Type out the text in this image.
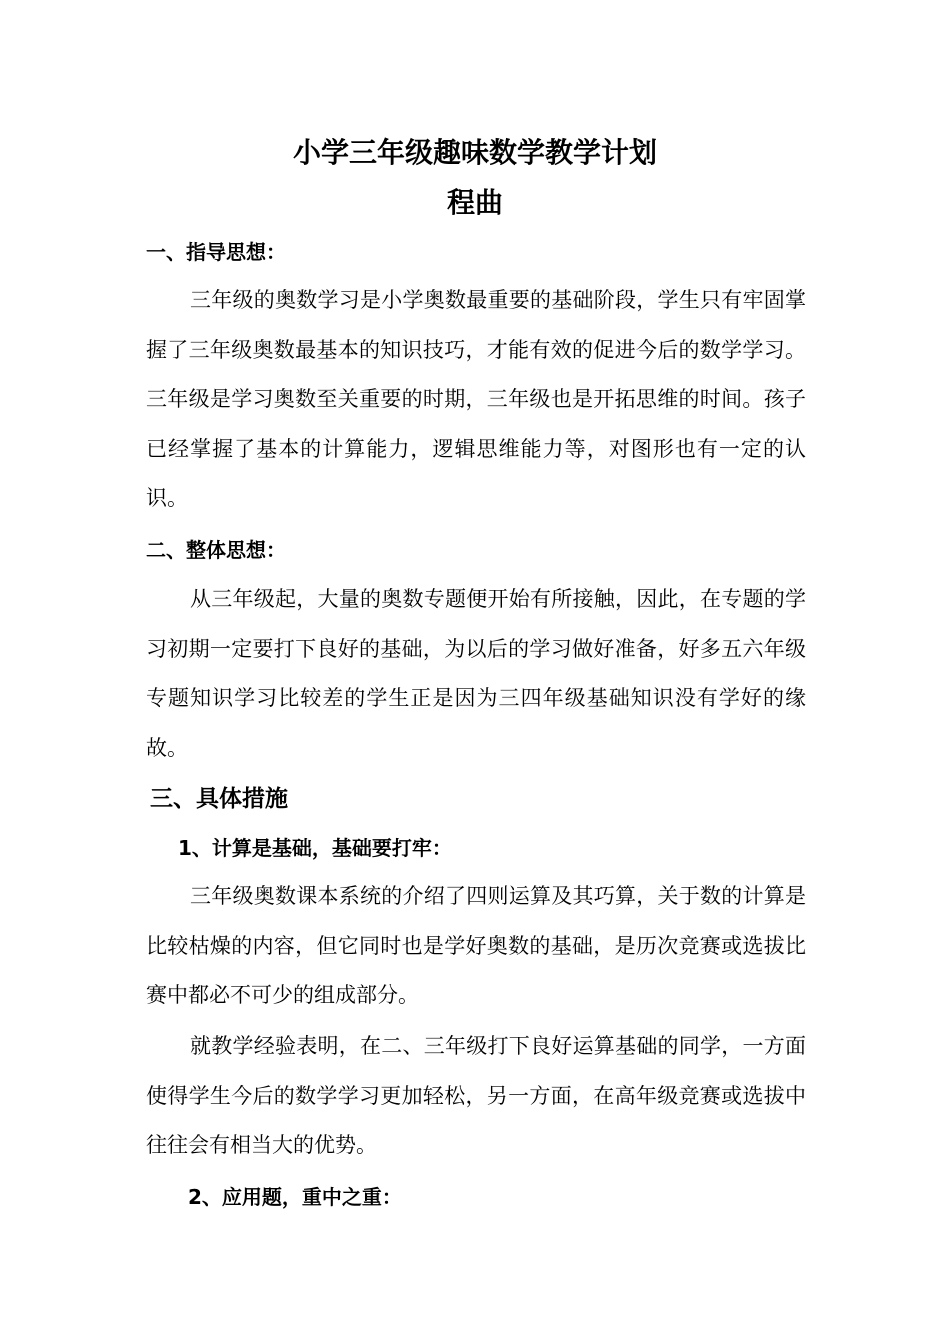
小学三年级趣味数学教学计划
程曲
一、指导思想：

三年级的奥数学习是小学奥数最重要的基础阶段，学生只有牢固掌握了三年级奥数最基本的知识技巧，才能有效的促进今后的数学学习。三年级是学习奥数至关重要的时期，三年级也是开拓思维的时间。孩子已经掌握了基本的计算能力，逻辑思维能力等，对图形也有一定的认识。

二、整体思想：

从三年级起，大量的奥数专题便开始有所接触，因此，在专题的学习初期一定要打下良好的基础，为以后的学习做好准备，好多五六年级专题知识学习比较差的学生正是因为三四年级基础知识没有学好的缘故。

三、具体措施
1、计算是基础，基础要打牢：

三年级奥数课本系统的介绍了四则运算及其巧算，关于数的计算是比较枯燥的内容，但它同时也是学好奥数的基础，是历次竞赛或选拔比赛中都必不可少的组成部分。

就教学经验表明，在二、三年级打下良好运算基础的同学，一方面使得学生今后的数学学习更加轻松，另一方面，在高年级竞赛或选拔中往往会有相当大的优势。

2、应用题，重中之重：
